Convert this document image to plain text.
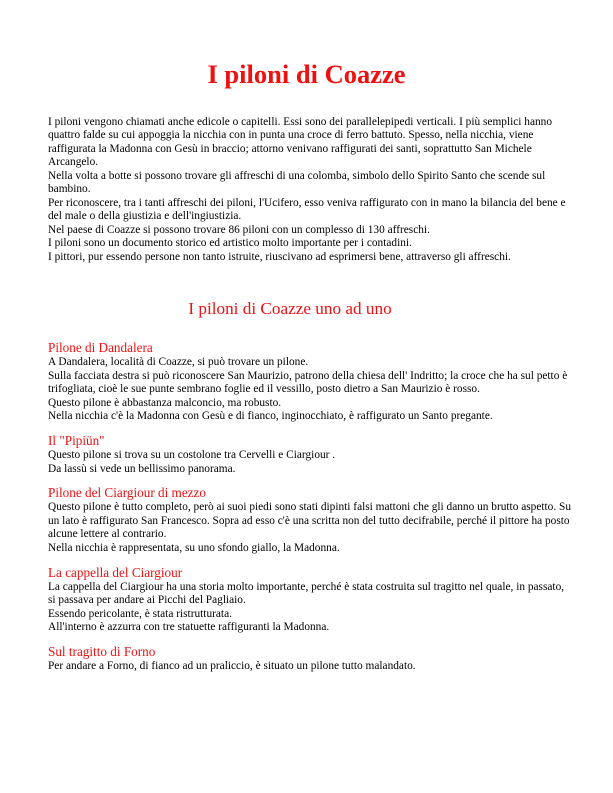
I piloni di Coazze

I piloni vengono chiamati anche edicole o capitelli. Essi sono dei parallelepipedi verticali. I più semplici hanno quattro falde su cui appoggia la nicchia con in punta una croce di ferro battuto. Spesso, nella nicchia, viene raffigurata la Madonna con Gesù in braccio; attorno venivano raffigurati dei santi, soprattutto San Michele Arcangelo.

Nella volta a botte si possono trovare gli affreschi di una colomba, simbolo dello Spirito Santo che scende sul bambino.

Per riconoscere, tra i tanti affreschi dei piloni, l'Ucifero, esso veniva raffigurato con in mano la bilancia del bene e del male o della giustizia e dell'ingiustizia.

Nel paese di Coazze si possono trovare 86 piloni con un complesso di 130 affreschi.

I piloni sono un documento storico ed artistico molto importante per i contadini.

I pittori, pur essendo persone non tanto istruite, riuscivano ad esprimersi bene, attraverso gli affreschi.

I piloni di Coazze uno ad uno
Pilone di Dandalera

A Dandalera, località di Coazze, si può trovare un pilone.

Sulla facciata destra si può riconoscere San Maurizio, patrono della chiesa dell' Indritto; la croce che ha sul petto è trifogliata, cioè le sue punte sembrano foglie ed il vessillo, posto dietro a San Maurizio è rosso.

Questo pilone è abbastanza malconcio, ma robusto.

Nella nicchia c'è la Madonna con Gesù e di fianco, inginocchiato, è raffigurato un Santo pregante.

Il "Pipiün"

Questo pilone si trova su un costolone tra Cervelli e Ciargiour .

Da lassù si vede un bellissimo panorama.

Pilone del Ciargiour di mezzo

Questo pilone è tutto completo, però ai suoi piedi sono stati dipinti falsi mattoni che gli danno un brutto aspetto. Su un lato è raffigurato San Francesco. Sopra ad esso c'è una scritta non del tutto decifrabile, perché il pittore ha posto alcune lettere al contrario.

Nella nicchia è rappresentata, su uno sfondo giallo, la Madonna.

La cappella del Ciargiour

La cappella del Ciargiour ha una storia molto importante, perché è stata costruita sul tragitto nel quale, in passato, si passava per andare ai Picchi del Pagliaio.

Essendo pericolante, è stata ristrutturata.

All'interno è azzurra con tre statuette raffiguranti la Madonna.

Sul tragitto di Forno

Per andare a Forno, di fianco ad un praliccio, è situato un pilone tutto malandato.
